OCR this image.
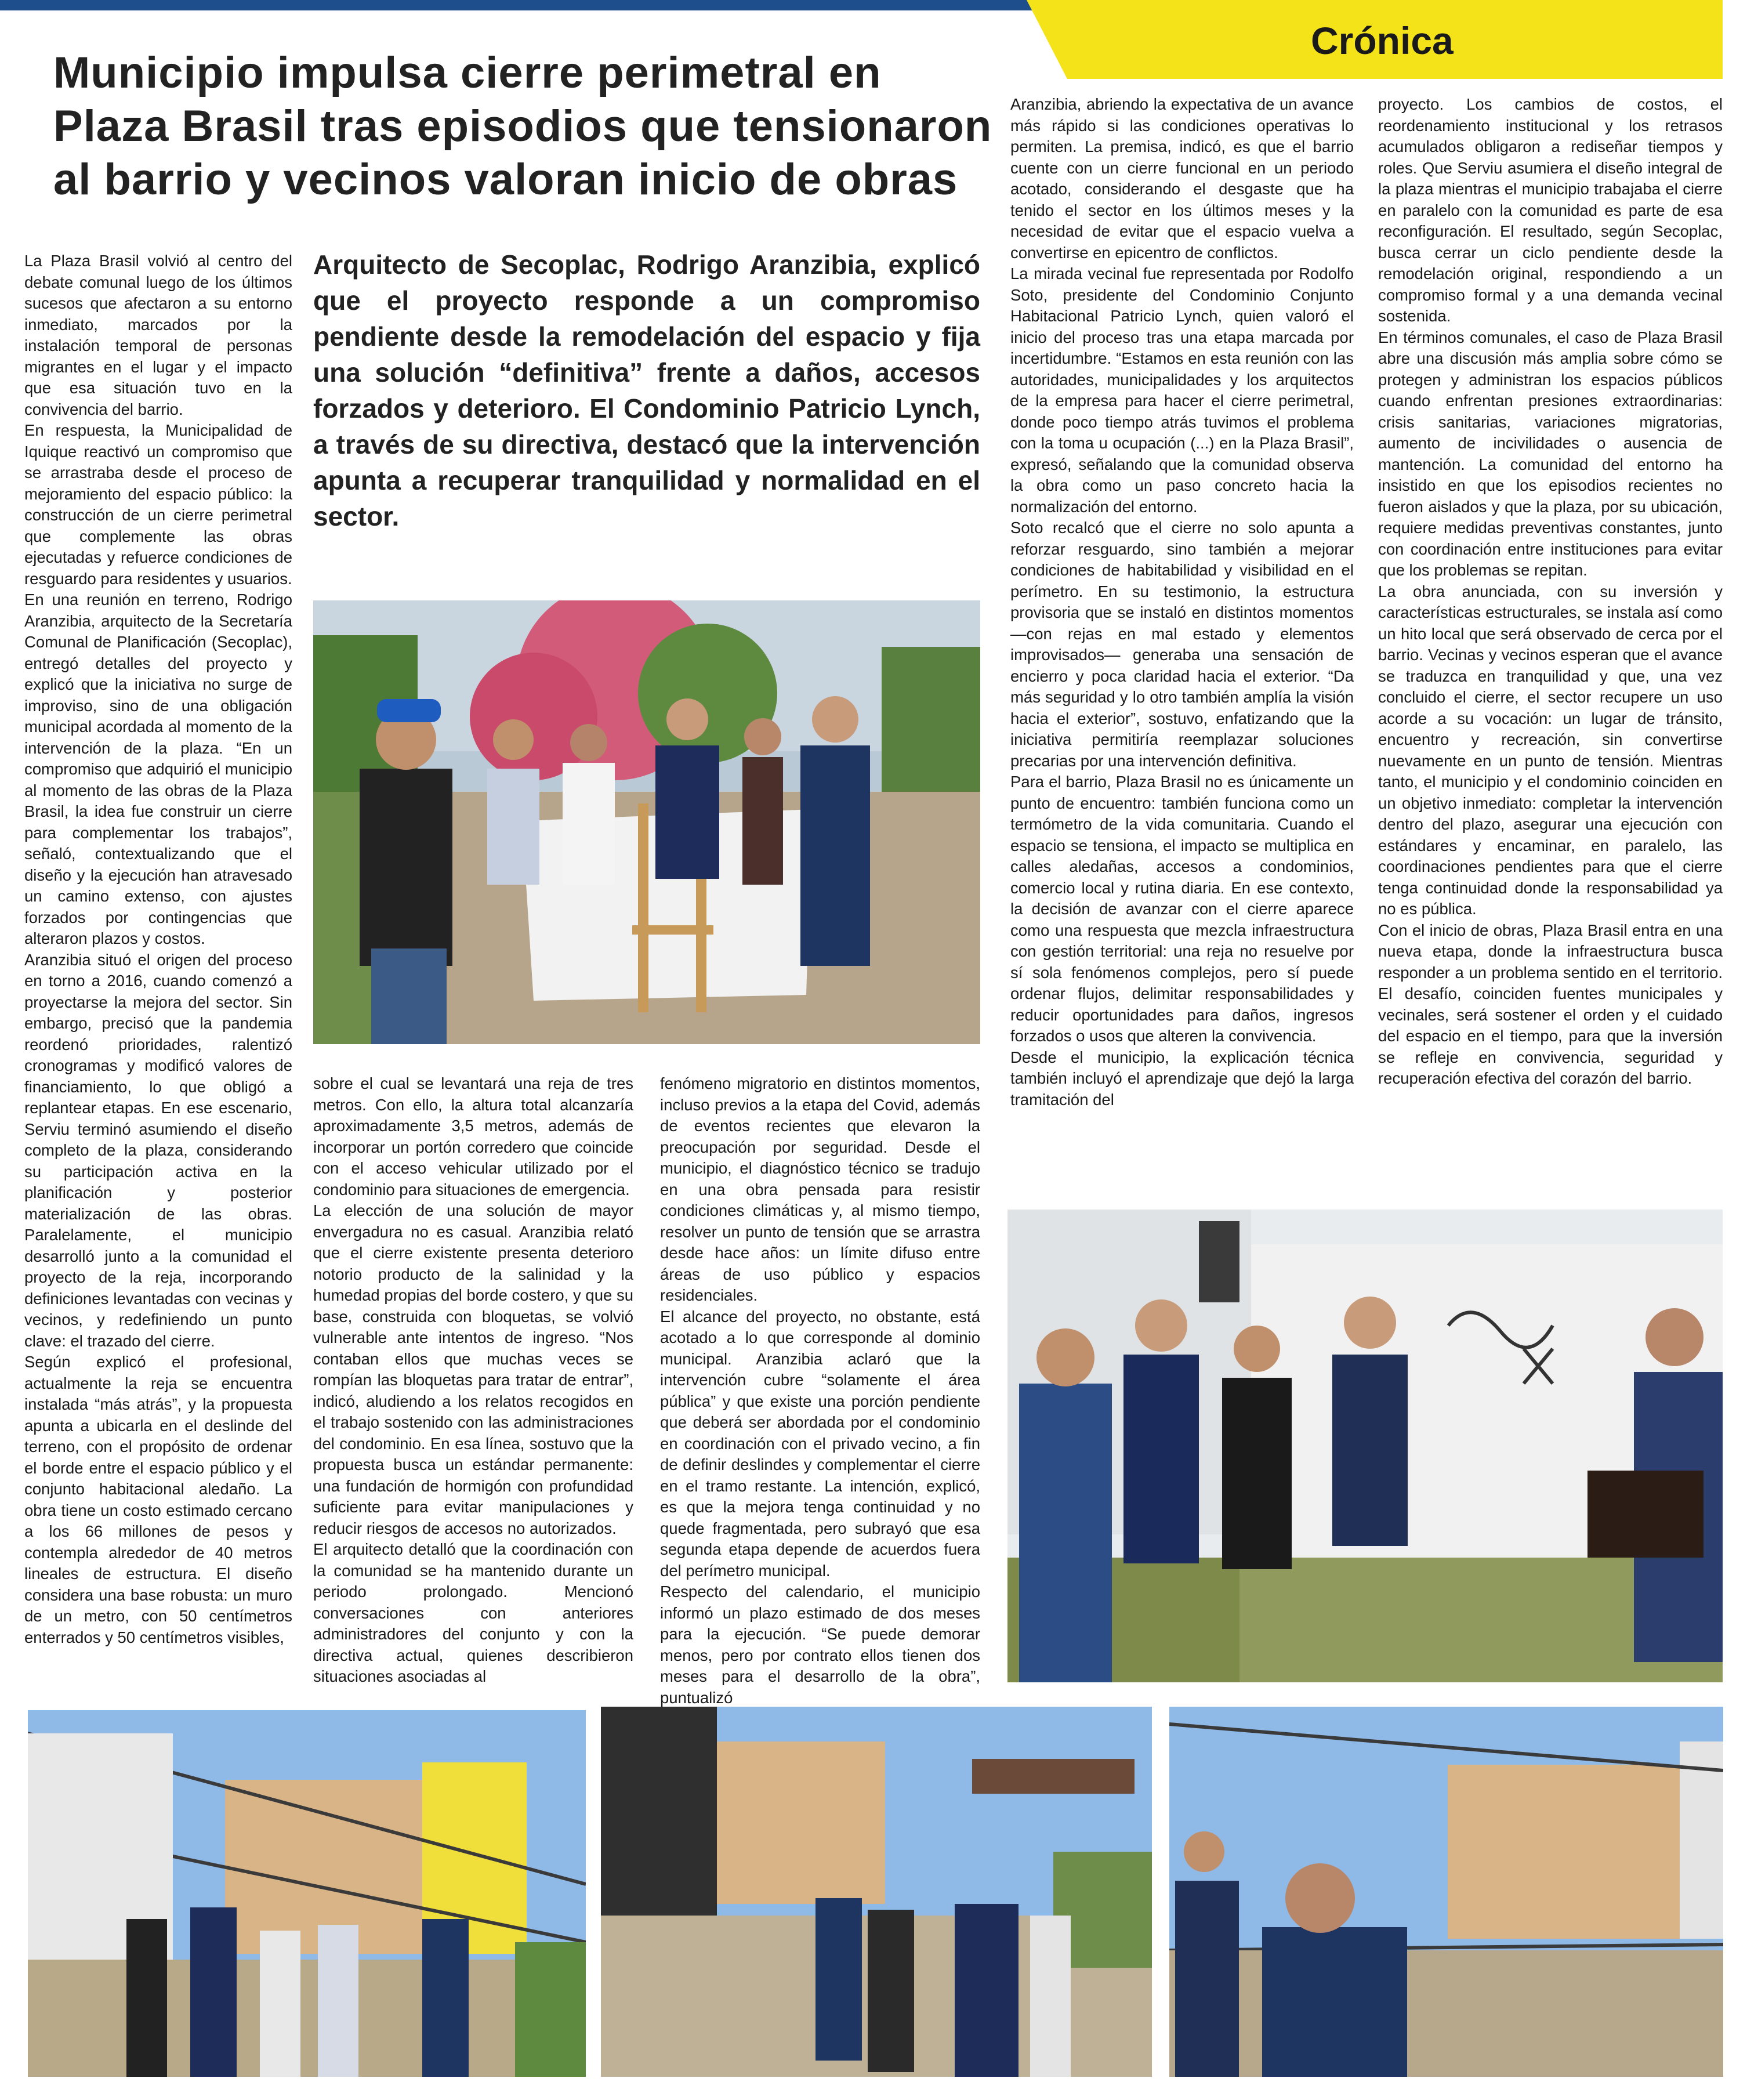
Crónica
Municipio impulsa cierre perimetral en Plaza Brasil tras episodios que tensionaron al barrio y vecinos valoran inicio de obras
Arquitecto de Secoplac, Rodrigo Aranzibia, explicó que el proyecto responde a un compromiso pendiente desde la remodelación del espacio y fija una solución “definitiva” frente a daños, accesos forzados y deterioro. El Condominio Patricio Lynch, a través de su directiva, destacó que la intervención apunta a recuperar tranquilidad y normalidad en el sector.

La Plaza Brasil volvió al centro del debate comunal luego de los últimos sucesos que afectaron a su entorno inmediato, marcados por la instalación temporal de personas migrantes en el lugar y el impacto que esa situación tuvo en la convivencia del barrio.

En respuesta, la Municipalidad de Iquique reactivó un compromiso que se arrastraba desde el proceso de mejoramiento del espacio público: la construcción de un cierre perimetral que complemente las obras ejecutadas y refuerce condiciones de resguardo para residentes y usuarios.

En una reunión en terreno, Rodrigo Aranzibia, arquitecto de la Secretaría Comunal de Planificación (Secoplac), entregó detalles del proyecto y explicó que la iniciativa no surge de improviso, sino de una obligación municipal acordada al momento de la intervención de la plaza. “En un compromiso que adquirió el municipio al momento de las obras de la Plaza Brasil, la idea fue construir un cierre para complementar los trabajos”, señaló, contextualizando que el diseño y la ejecución han atravesado un camino extenso, con ajustes forzados por contingencias que alteraron plazos y costos.

Aranzibia situó el origen del proceso en torno a 2016, cuando comenzó a proyectarse la mejora del sector. Sin embargo, precisó que la pandemia reordenó prioridades, ralentizó cronogramas y modificó valores de financiamiento, lo que obligó a replantear etapas. En ese escenario, Serviu terminó asumiendo el diseño completo de la plaza, considerando su participación activa en la planificación y posterior materialización de las obras. Paralelamente, el municipio desarrolló junto a la comunidad el proyecto de la reja, incorporando definiciones levantadas con vecinas y vecinos, y redefiniendo un punto clave: el trazado del cierre.

Según explicó el profesional, actualmente la reja se encuentra instalada “más atrás”, y la propuesta apunta a ubicarla en el deslinde del terreno, con el propósito de ordenar el borde entre el espacio público y el conjunto habitacional aledaño. La obra tiene un costo estimado cercano a los 66 millones de pesos y contempla alrededor de 40 metros lineales de estructura. El diseño considera una base robusta: un muro de un metro, con 50 centímetros enterrados y 50 centímetros visibles,

sobre el cual se levantará una reja de tres metros. Con ello, la altura total alcanzaría aproximadamente 3,5 metros, además de incorporar un portón corredero que coincide con el acceso vehicular utilizado por el condominio para situaciones de emergencia.

La elección de una solución de mayor envergadura no es casual. Aranzibia relató que el cierre existente presenta deterioro notorio producto de la salinidad y la humedad propias del borde costero, y que su base, construida con bloquetas, se volvió vulnerable ante intentos de ingreso. “Nos contaban ellos que muchas veces se rompían las bloquetas para tratar de entrar”, indicó, aludiendo a los relatos recogidos en el trabajo sostenido con las administraciones del condominio. En esa línea, sostuvo que la propuesta busca un estándar permanente: una fundación de hormigón con profundidad suficiente para evitar manipulaciones y reducir riesgos de accesos no autorizados.

El arquitecto detalló que la coordinación con la comunidad se ha mantenido durante un periodo prolongado. Mencionó conversaciones con anteriores administradores del conjunto y con la directiva actual, quienes describieron situaciones asociadas al

fenómeno migratorio en distintos momentos, incluso previos a la etapa del Covid, además de eventos recientes que elevaron la preocupación por seguridad. Desde el municipio, el diagnóstico técnico se tradujo en una obra pensada para resistir condiciones climáticas y, al mismo tiempo, resolver un punto de tensión que se arrastra desde hace años: un límite difuso entre áreas de uso público y espacios residenciales.

El alcance del proyecto, no obstante, está acotado a lo que corresponde al dominio municipal. Aranzibia aclaró que la intervención cubre “solamente el área pública” y que existe una porción pendiente que deberá ser abordada por el condominio en coordinación con el privado vecino, a fin de definir deslindes y complementar el cierre en el tramo restante. La intención, explicó, es que la mejora tenga continuidad y no quede fragmentada, pero subrayó que esa segunda etapa depende de acuerdos fuera del perímetro municipal.

Respecto del calendario, el municipio informó un plazo estimado de dos meses para la ejecución. “Se puede demorar menos, pero por contrato ellos tienen dos meses para el desarrollo de la obra”, puntualizó

Aranzibia, abriendo la expectativa de un avance más rápido si las condiciones operativas lo permiten. La premisa, indicó, es que el barrio cuente con un cierre funcional en un periodo acotado, considerando el desgaste que ha tenido el sector en los últimos meses y la necesidad de evitar que el espacio vuelva a convertirse en epicentro de conflictos.

La mirada vecinal fue representada por Rodolfo Soto, presidente del Condominio Conjunto Habitacional Patricio Lynch, quien valoró el inicio del proceso tras una etapa marcada por incertidumbre. “Estamos en esta reunión con las autoridades, municipalidades y los arquitectos de la empresa para hacer el cierre perimetral, donde poco tiempo atrás tuvimos el problema con la toma u ocupación (...) en la Plaza Brasil”, expresó, señalando que la comunidad observa la obra como un paso concreto hacia la normalización del entorno.

Soto recalcó que el cierre no solo apunta a reforzar resguardo, sino también a mejorar condiciones de habitabilidad y visibilidad en el perímetro. En su testimonio, la estructura provisoria que se instaló en distintos momentos —con rejas en mal estado y elementos improvisados— generaba una sensación de encierro y poca claridad hacia el exterior. “Da más seguridad y lo otro también amplía la visión hacia el exterior”, sostuvo, enfatizando que la iniciativa permitiría reemplazar soluciones precarias por una intervención definitiva.

Para el barrio, Plaza Brasil no es únicamente un punto de encuentro: también funciona como un termómetro de la vida comunitaria. Cuando el espacio se tensiona, el impacto se multiplica en calles aledañas, accesos a condominios, comercio local y rutina diaria. En ese contexto, la decisión de avanzar con el cierre aparece como una respuesta que mezcla infraestructura con gestión territorial: una reja no resuelve por sí sola fenómenos complejos, pero sí puede ordenar flujos, delimitar responsabilidades y reducir oportunidades para daños, ingresos forzados o usos que alteren la convivencia.

Desde el municipio, la explicación técnica también incluyó el aprendizaje que dejó la larga tramitación del

proyecto. Los cambios de costos, el reordenamiento institucional y los retrasos acumulados obligaron a rediseñar tiempos y roles. Que Serviu asumiera el diseño integral de la plaza mientras el municipio trabajaba el cierre en paralelo con la comunidad es parte de esa reconfiguración. El resultado, según Secoplac, busca cerrar un ciclo pendiente desde la remodelación original, respondiendo a un compromiso formal y a una demanda vecinal sostenida.

En términos comunales, el caso de Plaza Brasil abre una discusión más amplia sobre cómo se protegen y administran los espacios públicos cuando enfrentan presiones extraordinarias: crisis sanitarias, variaciones migratorias, aumento de incivilidades o ausencia de mantención. La comunidad del entorno ha insistido en que los episodios recientes no fueron aislados y que la plaza, por su ubicación, requiere medidas preventivas constantes, junto con coordinación entre instituciones para evitar que los problemas se repitan.

La obra anunciada, con su inversión y características estructurales, se instala así como un hito local que será observado de cerca por el barrio. Vecinas y vecinos esperan que el avance se traduzca en tranquilidad y que, una vez concluido el cierre, el sector recupere un uso acorde a su vocación: un lugar de tránsito, encuentro y recreación, sin convertirse nuevamente en un punto de tensión. Mientras tanto, el municipio y el condominio coinciden en un objetivo inmediato: completar la intervención dentro del plazo, asegurar una ejecución con estándares y encaminar, en paralelo, las coordinaciones pendientes para que el cierre tenga continuidad donde la responsabilidad ya no es pública.

Con el inicio de obras, Plaza Brasil entra en una nueva etapa, donde la infraestructura busca responder a un problema sentido en el territorio. El desafío, coinciden fuentes municipales y vecinales, será sostener el orden y el cuidado del espacio en el tiempo, para que la inversión se refleje en convivencia, seguridad y recuperación efectiva del corazón del barrio.
